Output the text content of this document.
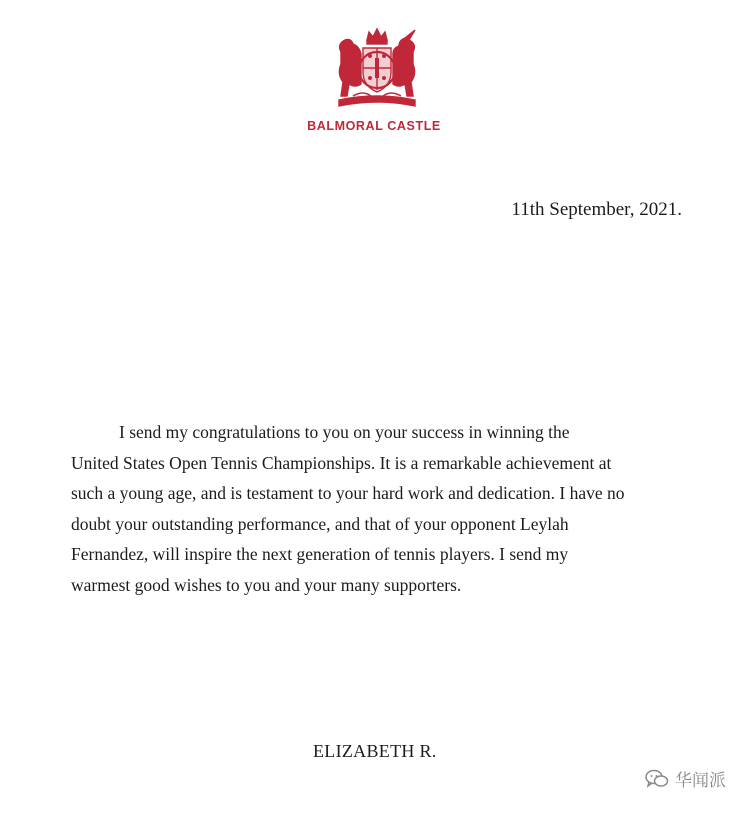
BALMORAL CASTLE
11th September, 2021.
I send my congratulations to you on your success in winning the
United States Open Tennis Championships. It is a remarkable achievement at
such a young age, and is testament to your hard work and dedication. I have no
doubt your outstanding performance, and that of your opponent Leylah
Fernandez, will inspire the next generation of tennis players. I send my
warmest good wishes to you and your many supporters.
ELIZABETH R.
华闻派
